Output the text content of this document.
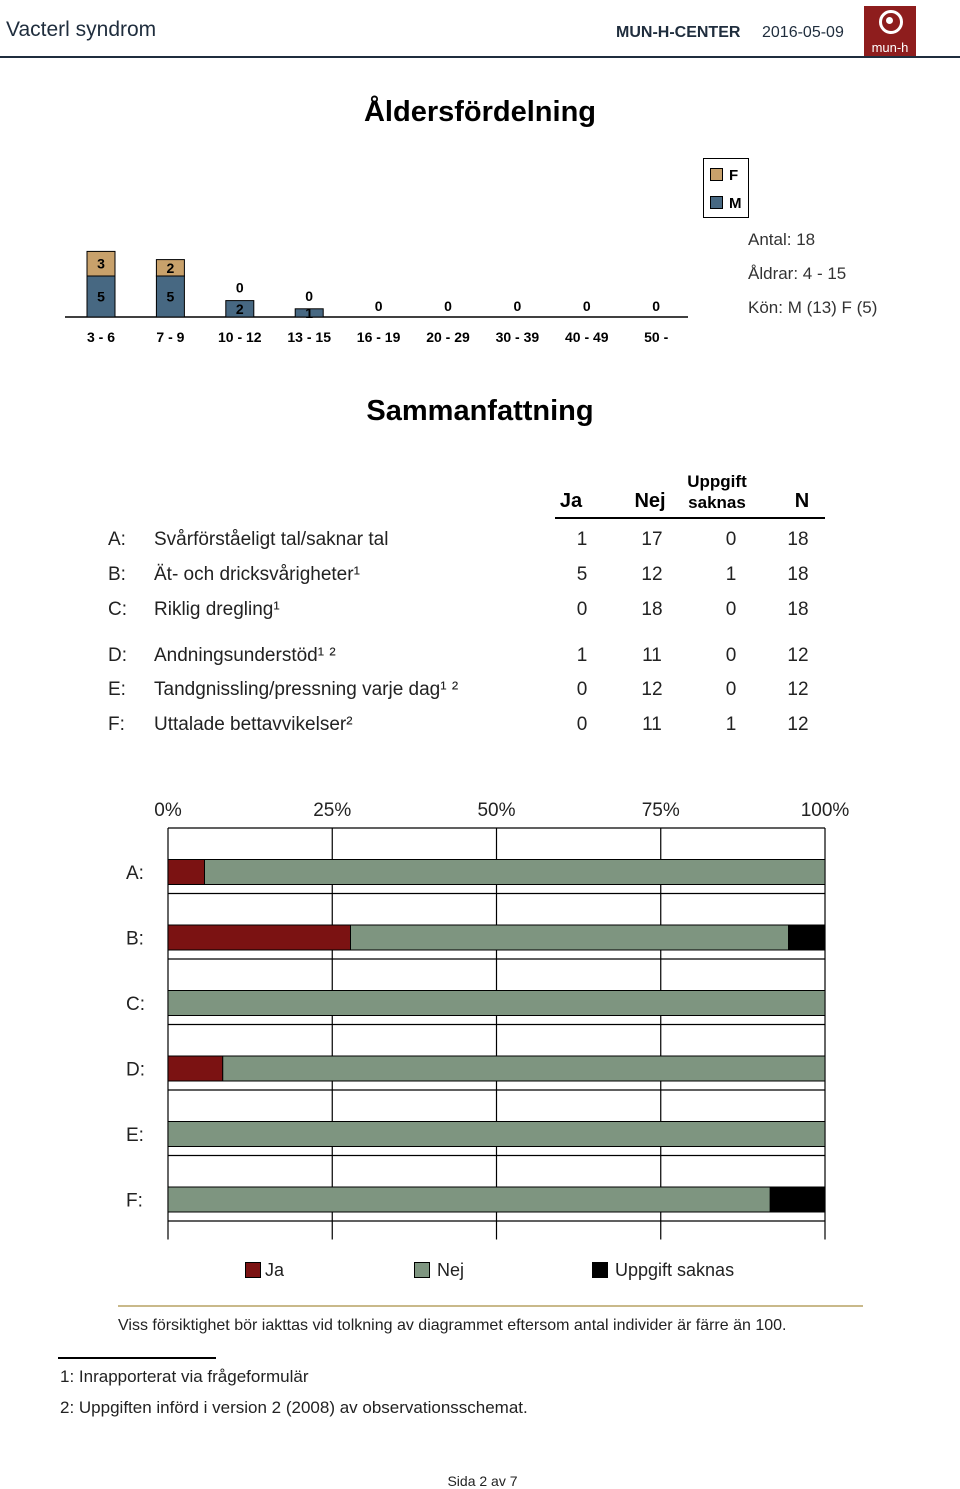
Vacterl syndrom	MUN-H-CENTER 2016-05-09
mun-h
Åldersfördelning
5
3
3 - 6
5
2
7 - 9
2
0
10 - 12
1
0
13 - 15
0
16 - 19
0
20 - 29
0
30 - 39
0
40 - 49
0
50 -
F
M
Antal: 18
Åldrar: 4 - 15
Kön: M (13) F (5)
Sammanfattning
Ja	Nej
Uppgift
saknas	N
A: Svårförståeligt tal/saknar tal	1	17	0	18
B: Ät- och dricksvårigheter¹	5	12	1	18
C: Riklig dregling¹	0	18	0	18
D: Andningsunderstöd¹ ²	1	11	0	12
E: Tandgnissling/pressning varje dag¹ ²	0	12	0	12
F: Uttalade bettavvikelser²	0	11	1	12
0%	25%	50%	75%	100%
A:
B:
C:
D:
E:
F:
Ja	Nej	Uppgift saknas
Viss försiktighet bör iakttas vid tolkning av diagrammet eftersom antal individer är färre än 100.
1: Inrapporterat via frågeformulär
2: Uppgiften införd i version 2 (2008) av observationsschemat.
Sida 2 av 7
